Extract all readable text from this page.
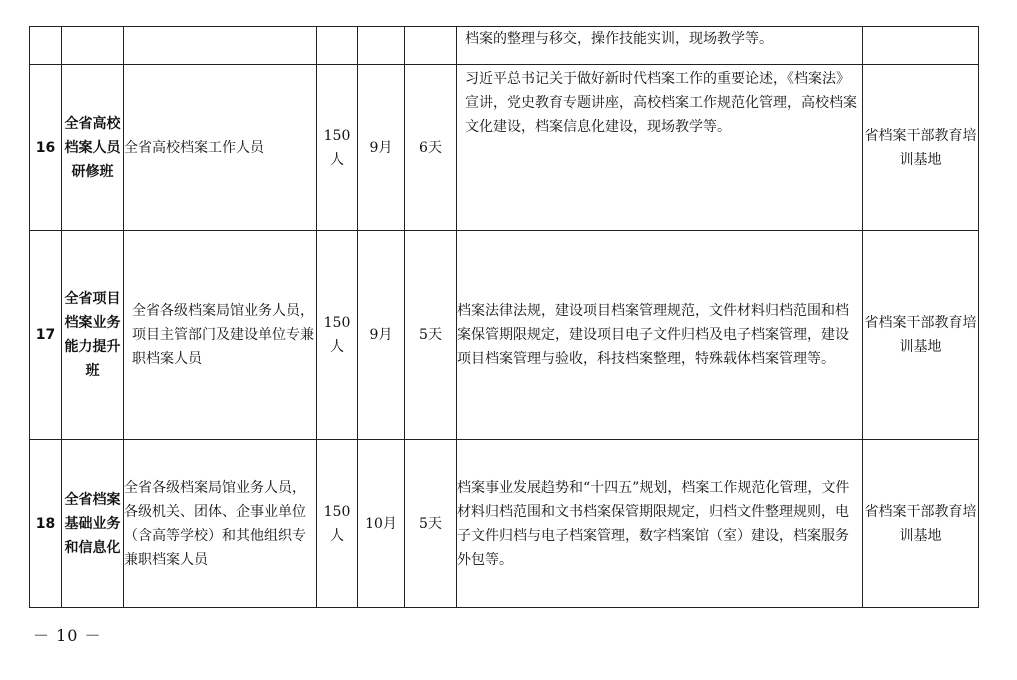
						档案的整理与移交，操作技能实训，现场教学等。	
16	全省高校档案人员研修班	全省高校档案工作人员	150人	9月	6天	习近平总书记关于做好新时代档案工作的重要论述，《档案法》宣讲，党史教育专题讲座，高校档案工作规范化管理，高校档案文化建设，档案信息化建设，现场教学等。	省档案干部教育培训基地
17	全省项目档案业务能力提升班	全省各级档案局馆业务人员，项目主管部门及建设单位专兼职档案人员	150人	9月	5天	档案法律法规，建设项目档案管理规范，文件材料归档范围和档案保管期限规定，建设项目电子文件归档及电子档案管理，建设项目档案管理与验收，科技档案整理，特殊载体档案管理等。	省档案干部教育培训基地
18	全省档案基础业务和信息化	全省各级档案局馆业务人员，各级机关、团体、企事业单位（含高等学校）和其他组织专兼职档案人员	150人	10月	5天	档案事业发展趋势和“十四五”规划，档案工作规范化管理，文件材料归档范围和文书档案保管期限规定，归档文件整理规则，电子文件归档与电子档案管理，数字档案馆（室）建设，档案服务外包等。	省档案干部教育培训基地
－ 10 －
